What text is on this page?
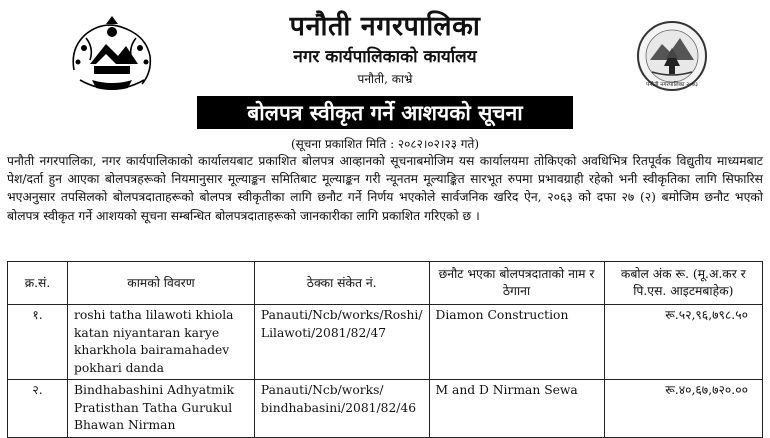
पनौती नगरपालिका २०७३
पनौती नगरपालिका
नगर कार्यपालिकाको कार्यालय
पनौती, काभ्रे
बोलपत्र स्वीकृत गर्ने आशयको सूचना
(सूचना प्रकाशित मिति : २०८२।०२।२३ गते)
पनौती नगरपालिका, नगर कार्यपालिकाको कार्यालयबाट प्रकाशित बोलपत्र आव्हानको सूचनाबमोजिम यस कार्यालयमा तोकिएको अवधिभित्र रितपूर्वक विद्युतीय माध्यमबाट पेश/दर्ता हुन आएका बोलपत्रहरूको नियमानुसार मूल्याङ्कन समितिबाट मूल्याङ्कन गरी न्यूनतम मूल्याङ्कित सारभूत रुपमा प्रभावग्राही रहेको भनी स्वीकृतिका लागि सिफारिस भएअनुसार तपसिलको बोलपत्रदाताहरूको बोलपत्र स्वीकृतीका लागि छनौट गर्ने निर्णय भएकोले सार्वजनिक खरिद ऐन, २०६३ को दफा २७ (२) बमोजिम छनौट भएको बोलपत्र स्वीकृत गर्ने आशयको सूचना सम्बन्धित बोलपत्रदाताहरूको जानकारीका लागि प्रकाशित गरिएको छ ।
क्र.सं.	कामको विवरण	ठेक्का संकेत नं.	छनौट भएका बोलपत्रदाताको नाम र ठेगाना	कबोल अंक रू. (मू.अ.कर र पि.एस. आइटमबाहेक)
१.	roshi tatha lilawoti khiola katan niyantaran karye kharkhola bairamahadev pokhari danda	Panauti/Ncb/works/Roshi/ Lilawoti/2081/82/47	Diamon Construction	रू.५२,९६,७९८.५०
२.	Bindhabashini Adhyatmik Pratisthan Tatha Gurukul Bhawan Nirman	Panauti/Ncb/works/ bindhabasini/2081/82/46	M and D Nirman Sewa	रू.४०,६७,७२०.००
